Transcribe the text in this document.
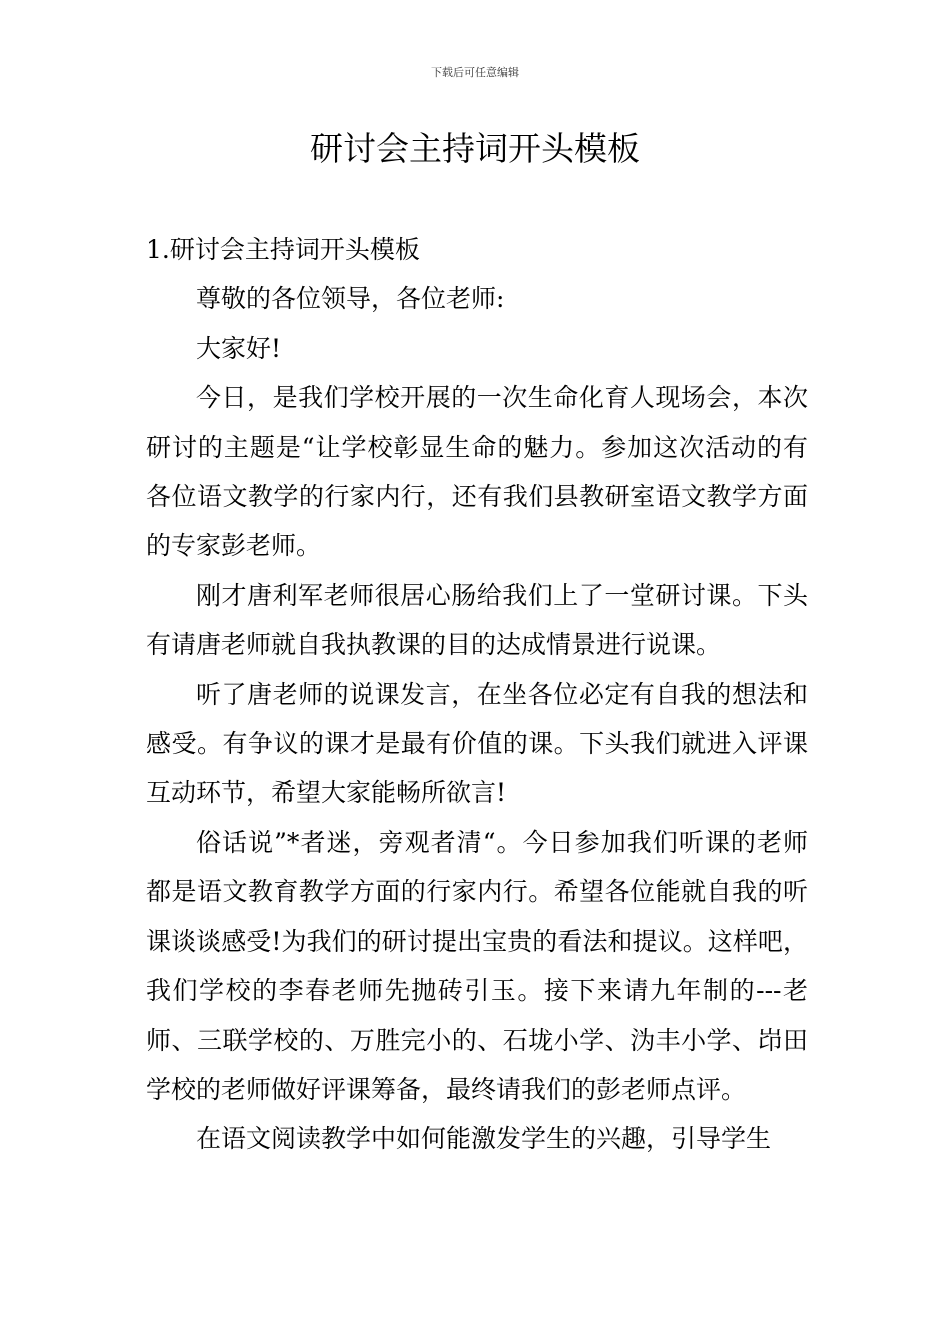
下载后可任意编辑
研讨会主持词开头模板

1.研讨会主持词开头模板

尊敬的各位领导，各位老师:

大家好!

今日，是我们学校开展的一次生命化育人现场会，本次研讨的主题是“让学校彰显生命的魅力。参加这次活动的有各位语文教学的行家内行，还有我们县教研室语文教学方面的专家彭老师。

刚才唐利军老师很居心肠给我们上了一堂研讨课。下头有请唐老师就自我执教课的目的达成情景进行说课。

听了唐老师的说课发言，在坐各位必定有自我的想法和感受。有争议的课才是最有价值的课。下头我们就进入评课互动环节，希望大家能畅所欲言!

俗话说”*者迷，旁观者清“。今日参加我们听课的老师都是语文教育教学方面的行家内行。希望各位能就自我的听课谈谈感受!为我们的研讨提出宝贵的看法和提议。这样吧，我们学校的李春老师先抛砖引玉。接下来请九年制的---老师、三联学校的、万胜完小的、石垅小学、沩丰小学、岇田学校的老师做好评课筹备，最终请我们的彭老师点评。

在语文阅读教学中如何能激发学生的兴趣，引导学生
